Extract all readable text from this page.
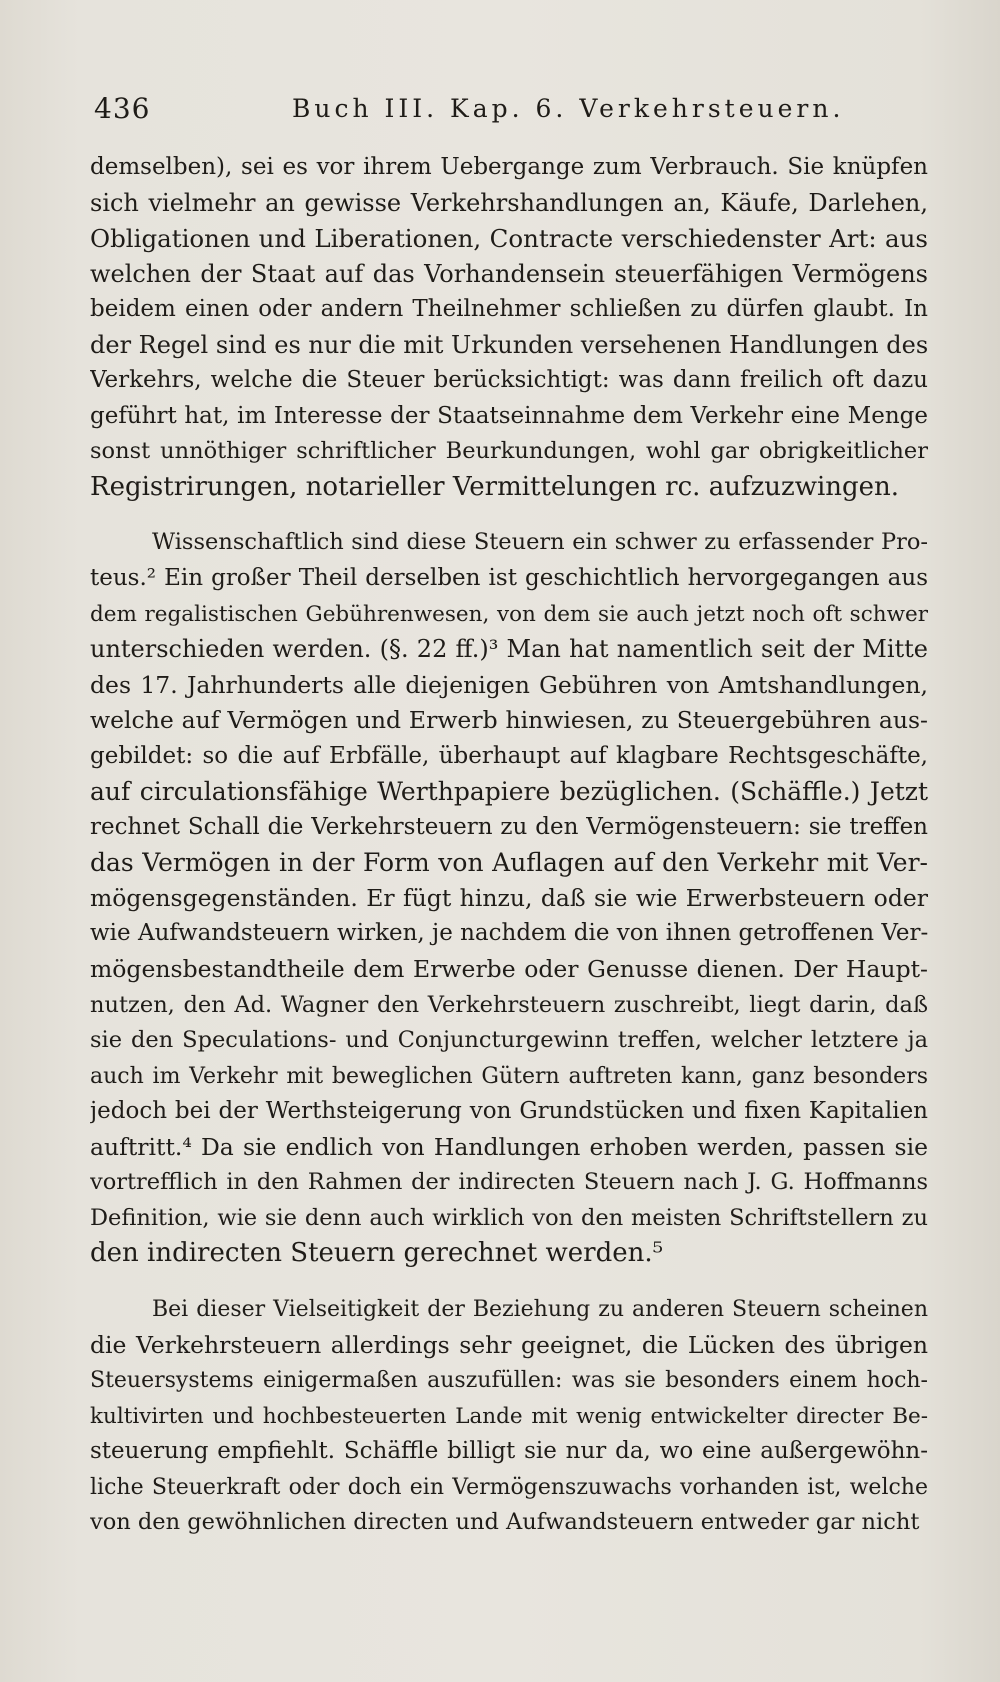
436	Buch III. Kap. 6. Verkehrsteuern.
demselben), sei es vor ihrem Uebergange zum Verbrauch. Sie knüpfen
sich vielmehr an gewisse Verkehrshandlungen an, Käufe, Darlehen,
Obligationen und Liberationen, Contracte verschiedenster Art: aus
welchen der Staat auf das Vorhandensein steuerfähigen Vermögens
beidem einen oder andern Theilnehmer schließen zu dürfen glaubt. In
der Regel sind es nur die mit Urkunden versehenen Handlungen des
Verkehrs, welche die Steuer berücksichtigt: was dann freilich oft dazu
geführt hat, im Interesse der Staatseinnahme dem Verkehr eine Menge
sonst unnöthiger schriftlicher Beurkundungen, wohl gar obrigkeitlicher
Registrirungen, notarieller Vermittelungen rc. aufzuzwingen.
Wissenschaftlich sind diese Steuern ein schwer zu erfassender Pro-
teus.² Ein großer Theil derselben ist geschichtlich hervorgegangen aus
dem regalistischen Gebührenwesen, von dem sie auch jetzt noch oft schwer
unterschieden werden. (§. 22 ff.)³ Man hat namentlich seit der Mitte
des 17. Jahrhunderts alle diejenigen Gebühren von Amtshandlungen,
welche auf Vermögen und Erwerb hinwiesen, zu Steuergebühren aus-
gebildet: so die auf Erbfälle, überhaupt auf klagbare Rechtsgeschäfte,
auf circulationsfähige Werthpapiere bezüglichen. (Schäffle.) Jetzt
rechnet Schall die Verkehrsteuern zu den Vermögensteuern: sie treffen
das Vermögen in der Form von Auflagen auf den Verkehr mit Ver-
mögensgegenständen. Er fügt hinzu, daß sie wie Erwerbsteuern oder
wie Aufwandsteuern wirken, je nachdem die von ihnen getroffenen Ver-
mögensbestandtheile dem Erwerbe oder Genusse dienen. Der Haupt-
nutzen, den Ad. Wagner den Verkehrsteuern zuschreibt, liegt darin, daß
sie den Speculations- und Conjuncturgewinn treffen, welcher letztere ja
auch im Verkehr mit beweglichen Gütern auftreten kann, ganz besonders
jedoch bei der Werthsteigerung von Grundstücken und fixen Kapitalien
auftritt.⁴ Da sie endlich von Handlungen erhoben werden, passen sie
vortrefflich in den Rahmen der indirecten Steuern nach J. G. Hoffmanns
Definition, wie sie denn auch wirklich von den meisten Schriftstellern zu
den indirecten Steuern gerechnet werden.⁵
Bei dieser Vielseitigkeit der Beziehung zu anderen Steuern scheinen
die Verkehrsteuern allerdings sehr geeignet, die Lücken des übrigen
Steuersystems einigermaßen auszufüllen: was sie besonders einem hoch-
kultivirten und hochbesteuerten Lande mit wenig entwickelter directer Be-
steuerung empfiehlt. Schäffle billigt sie nur da, wo eine außergewöhn-
liche Steuerkraft oder doch ein Vermögenszuwachs vorhanden ist, welche
von den gewöhnlichen directen und Aufwandsteuern entweder gar nicht
